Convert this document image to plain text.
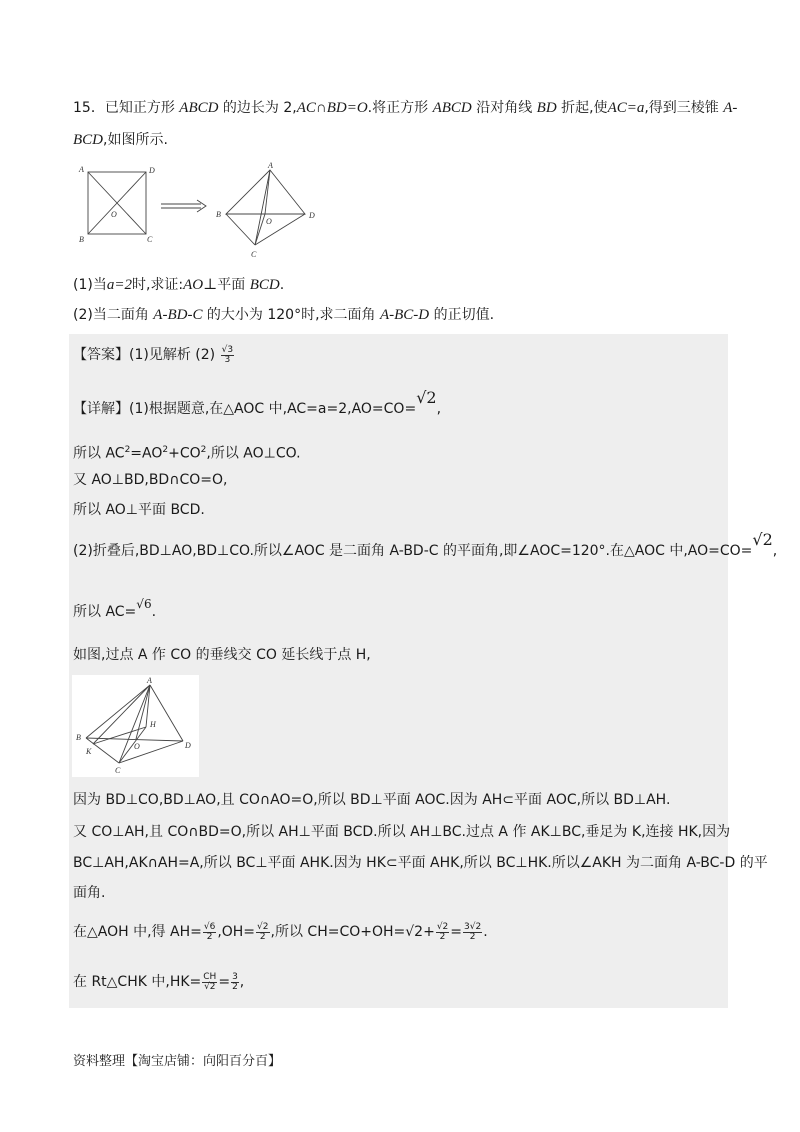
15．已知正方形 ABCD 的边长为 2,AC∩BD=O.将正方形 ABCD 沿对角线 BD 折起,使AC=a,得到三棱锥 A-
BCD,如图所示.
A	D
B	C
O
A
B	D
C
O
(1)当a=2时,求证:AO⊥平面 BCD.
(2)当二面角 A-BD-C 的大小为 120°时,求二面角 A-BC-D 的正切值.
【答案】(1)见解析 $(2) \frac{√3}{3}$
【详解】(1)根据题意,在△AOC 中,AC=a=2,AO=CO=√2,
所以 $AC^2=AO^2+CO^2$,所以 AO⊥CO.
又 AO⊥BD,BD∩CO=O,
所以 AO⊥平面 BCD.
(2)折叠后,BD⊥AO,BD⊥CO.所以∠AOC 是二面角 A-BD-C 的平面角,即∠AOC=120°.在△AOC 中,AO=CO=√2,
所以 AC=√6.
如图,过点 A 作 CO 的垂线交 CO 延长线于点 H,
A
B
K
D
C
H
O
因为 BD⊥CO,BD⊥AO,且 CO∩AO=O,所以 BD⊥平面 AOC.因为 AH⊂平面 AOC,所以 BD⊥AH.
又 CO⊥AH,且 CO∩BD=O,所以 AH⊥平面 BCD.所以 AH⊥BC.过点 A 作 AK⊥BC,垂足为 K,连接 HK,因为
BC⊥AH,AK∩AH=A,所以 BC⊥平面 AHK.因为 HK⊂平面 AHK,所以 BC⊥HK.所以∠AKH 为二面角 A-BC-D 的平
面角.
在△AOH 中,得 $AH= \frac{√6}{2} ,OH= \frac{√2}{2}$ ,所以 $CH=CO+OH=√2+ \frac{√2}{2} = \frac{3√2}{2}$ .
在 Rt△CHK 中$,HK= \frac{CH}{√2} = \frac{3}{2}$ ,
资料整理【淘宝店铺：向阳百分百】
